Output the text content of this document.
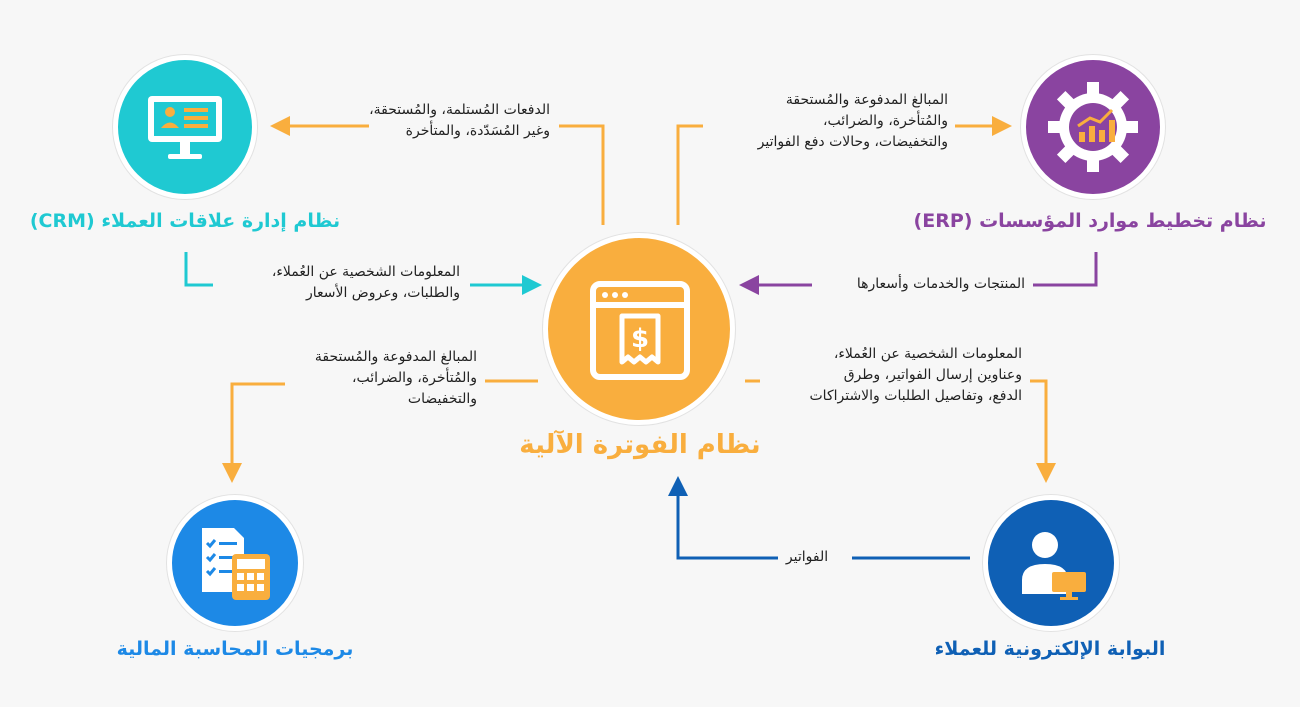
$
نظام الفوترة الآلية
نظام إدارة علاقات العملاء (CRM)	نظام تخطيط موارد المؤسسات (ERP)
برمجيات المحاسبة المالية	البوابة الإلكترونية للعملاء
الدفعات المُستلمة، والمُستحقة،
وغير المُسَدّدة، والمتأخرة
المبالغ المدفوعة والمُستحقة
والمُتأخرة، والضرائب،
والتخفيضات، وحالات دفع الفواتير
المعلومات الشخصية عن العُملاء،
والطلبات، وعروض الأسعار
المنتجات والخدمات وأسعارها
المبالغ المدفوعة والمُستحقة
والمُتأخرة، والضرائب،
والتخفيضات
المعلومات الشخصية عن العُملاء،
وعناوين إرسال الفواتير، وطرق
الدفع، وتفاصيل الطلبات والاشتراكات
الفواتير
